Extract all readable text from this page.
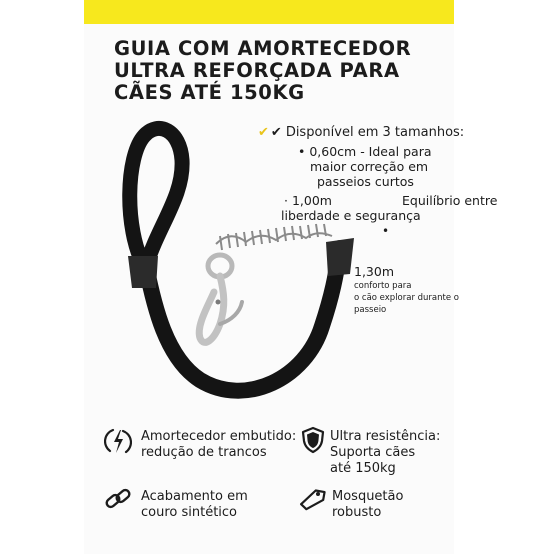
GUIA COM AMORTECEDOR
ULTRA REFORÇADA PARA
CÃES ATÉ 150KG
✔ ✔ Disponível em 3 tamanhos:
• 0,60cm - Ideal para
maior correção em
passeios curtos
· 1,00m	Equilíbrio entre
liberdade e segurança
•
1,30m
conforto para
o cão explorar durante o
passeio
Amortecedor embutido:
redução de trancos
Ultra resistência:
Suporta cães
até 150kg
Acabamento em
couro sintético
Mosquetão
robusto
